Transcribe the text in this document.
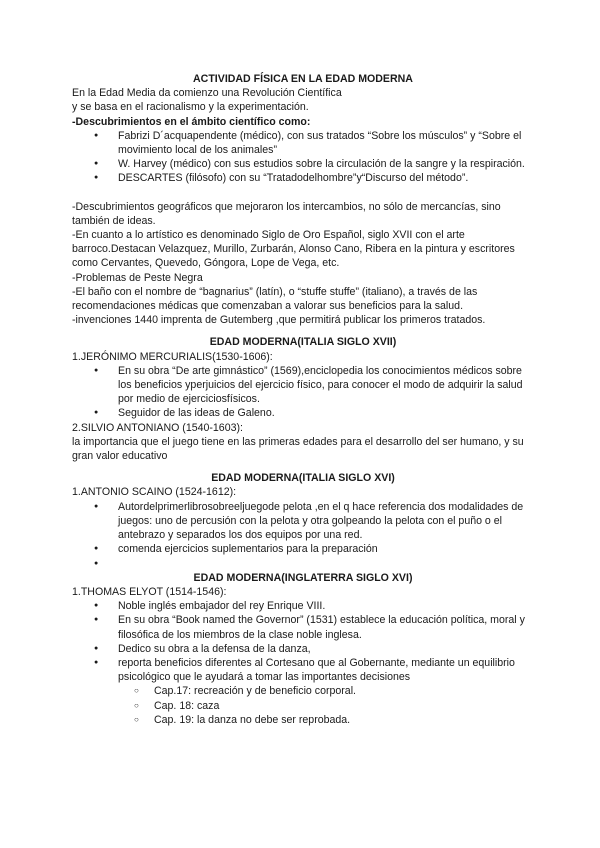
ACTIVIDAD FÍSICA EN LA EDAD MODERNA

En la Edad Media da comienzo una Revolución Científica

y se basa en el racionalismo y la experimentación.

-Descubrimientos en el ámbito científico como:

● Fabrizi D´acquapendente (médico), con sus tratados “Sobre los músculos” y “Sobre el movimiento local de los animales”
● W. Harvey (médico) con sus estudios sobre la circulación de la sangre y la respiración.
● DESCARTES (filósofo) con su “Tratadodelhombre”y“Discurso del método”.

-Descubrimientos geográficos que mejoraron los intercambios, no sólo de mercancías, sino también de ideas.

-En cuanto a lo artístico es denominado Siglo de Oro Español, siglo XVII con el arte barroco.Destacan Velazquez, Murillo, Zurbarán, Alonso Cano, Ribera en la pintura y escritores como Cervantes, Quevedo, Góngora, Lope de Vega, etc.

-Problemas de Peste Negra

-El baño con el nombre de “bagnarius” (latín), o “stuffe stuffe” (italiano), a través de las recomendaciones médicas que comenzaban a valorar sus beneficios para la salud.

-invenciones 1440 imprenta de Gutemberg ,que permitirá publicar los primeros tratados.

EDAD MODERNA(ITALIA SIGLO XVII)

1.JERÓNIMO MERCURIALIS(1530-1606):

● En su obra “De arte gimnástico” (1569),enciclopedia los conocimientos médicos sobre los beneficios yperjuicios del ejercicio físico, para conocer el modo de adquirir la salud por medio de ejerciciosfísicos.
● Seguidor de las ideas de Galeno.

2.SILVIO ANTONIANO (1540-1603):

la importancia que el juego tiene en las primeras edades para el desarrollo del ser humano, y su gran valor educativo

EDAD MODERNA(ITALIA SIGLO XVI)

1.ANTONIO SCAINO (1524-1612):

● Autordelprimerlibrosobreeljuegode pelota ,en el q hace referencia dos modalidades de juegos: uno de percusión con la pelota y otra golpeando la pelota con el puño o el antebrazo y separados los dos equipos por una red.
● comenda ejercicios suplementarios para la preparación
●

EDAD MODERNA(INGLATERRA SIGLO XVI)

1.THOMAS ELYOT (1514-1546):

● Noble inglés embajador del rey Enrique VIII.
● En su obra “Book named the Governor” (1531) establece la educación política, moral y filosófica de los miembros de la clase noble inglesa.
● Dedico su obra a la defensa de la danza,
● reporta beneficios diferentes al Cortesano que al Gobernante, mediante un equilibrio psicológico que le ayudará a tomar las importantes decisiones
○ Cap.17: recreación y de beneficio corporal.
○ Cap. 18: caza
○ Cap. 19: la danza no debe ser reprobada.
